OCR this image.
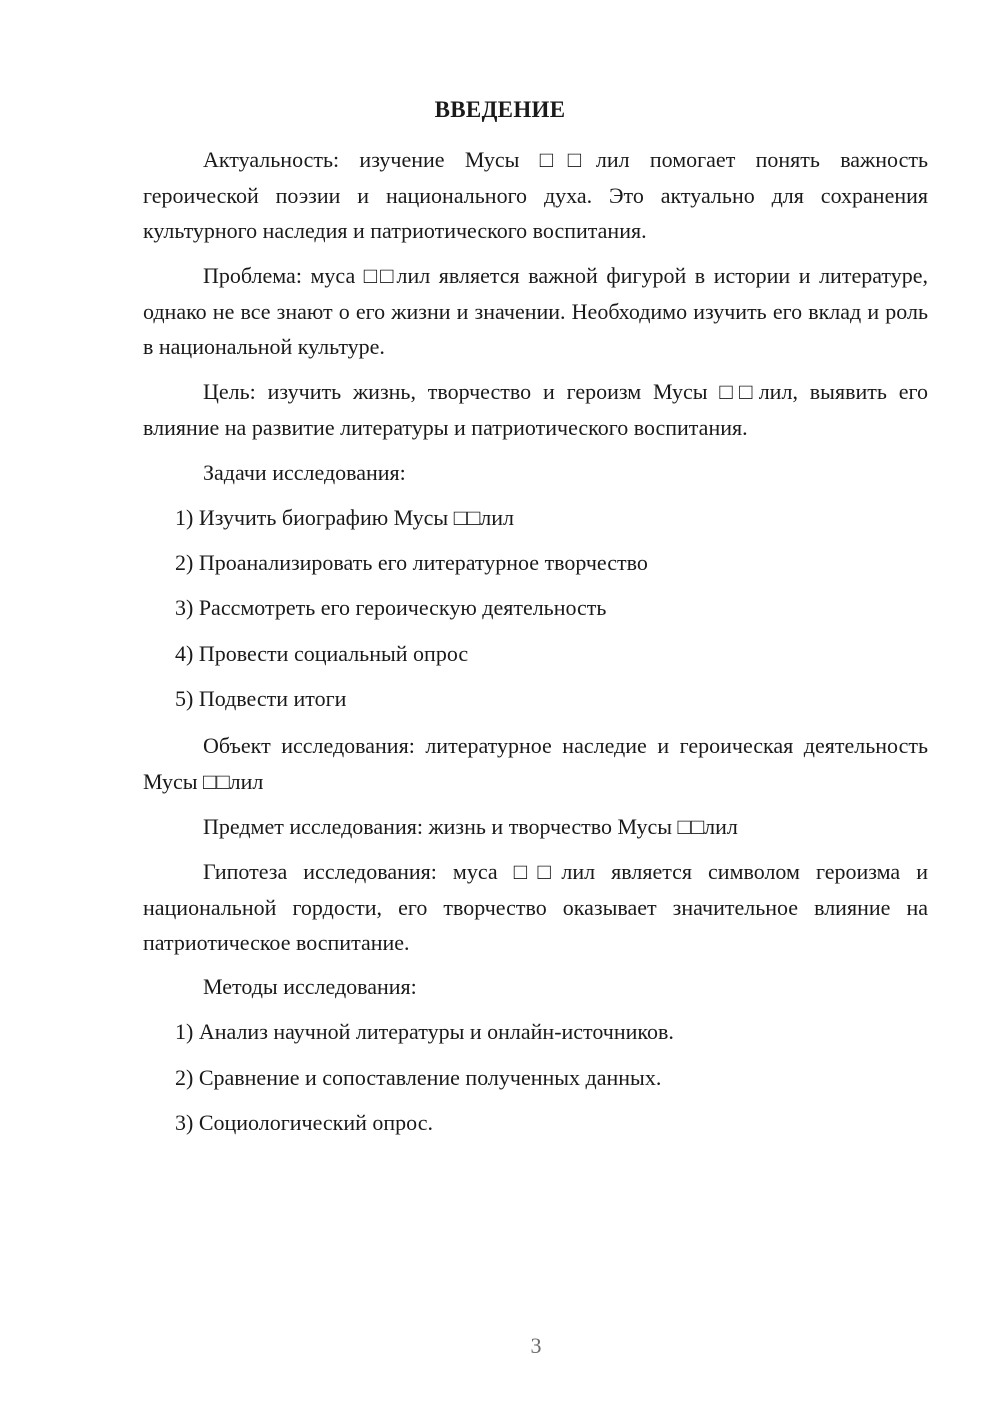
ВВЕДЕНИЕ

Актуальность: изучение Мусы □□лил помогает понять важность героической поэзии и национального духа. Это актуально для сохранения культурного наследия и патриотического воспитания.

Проблема: муса □□лил является важной фигурой в истории и литературе, однако не все знают о его жизни и значении. Необходимо изучить его вклад и роль в национальной культуре.

Цель: изучить жизнь, творчество и героизм Мусы □□лил, выявить его влияние на развитие литературы и патриотического воспитания.

Задачи исследования:

1) Изучить биографию Мусы □□лил

2) Проанализировать его литературное творчество

3) Рассмотреть его героическую деятельность

4) Провести социальный опрос

5) Подвести итоги

Объект исследования: литературное наследие и героическая деятельность Мусы □□лил

Предмет исследования: жизнь и творчество Мусы □□лил

Гипотеза исследования: муса □□лил является символом героизма и национальной гордости, его творчество оказывает значительное влияние на патриотическое воспитание.

Методы исследования:

1) Анализ научной литературы и онлайн-источников.

2) Сравнение и сопоставление полученных данных.

3) Социологический опрос.

3
